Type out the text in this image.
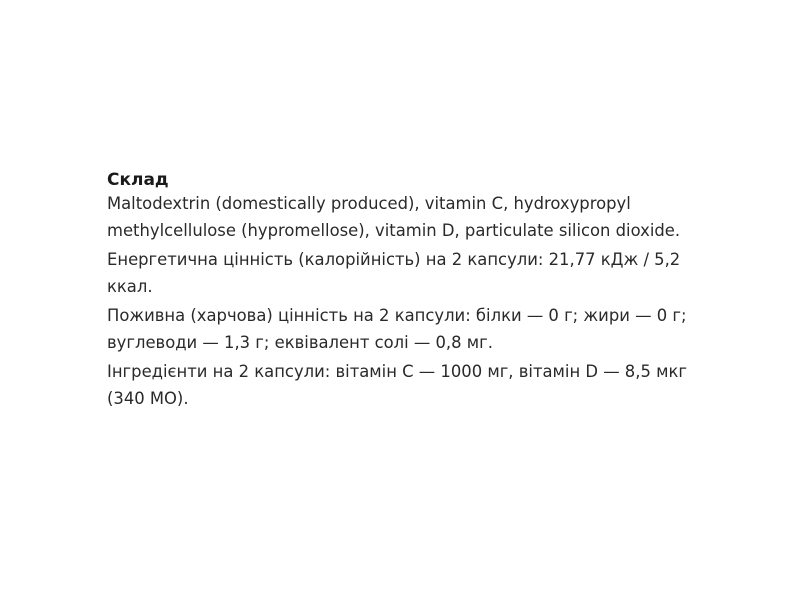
Склад

Maltodextrin (domestically produced), vitamin C, hydroxypropyl methylcellulose (hypromellose), vitamin D, particulate silicon dioxide.

Енергетична цінність (калорійність) на 2 капсули: 21,77 кДж / 5,2 ккал.

Поживна (харчова) цінність на 2 капсули: білки — 0 г; жири — 0 г; вуглеводи — 1,3 г; еквівалент солі — 0,8 мг.

Інгредієнти на 2 капсули: вітамін С — 1000 мг, вітамін D — 8,5 мкг (340 МО).
